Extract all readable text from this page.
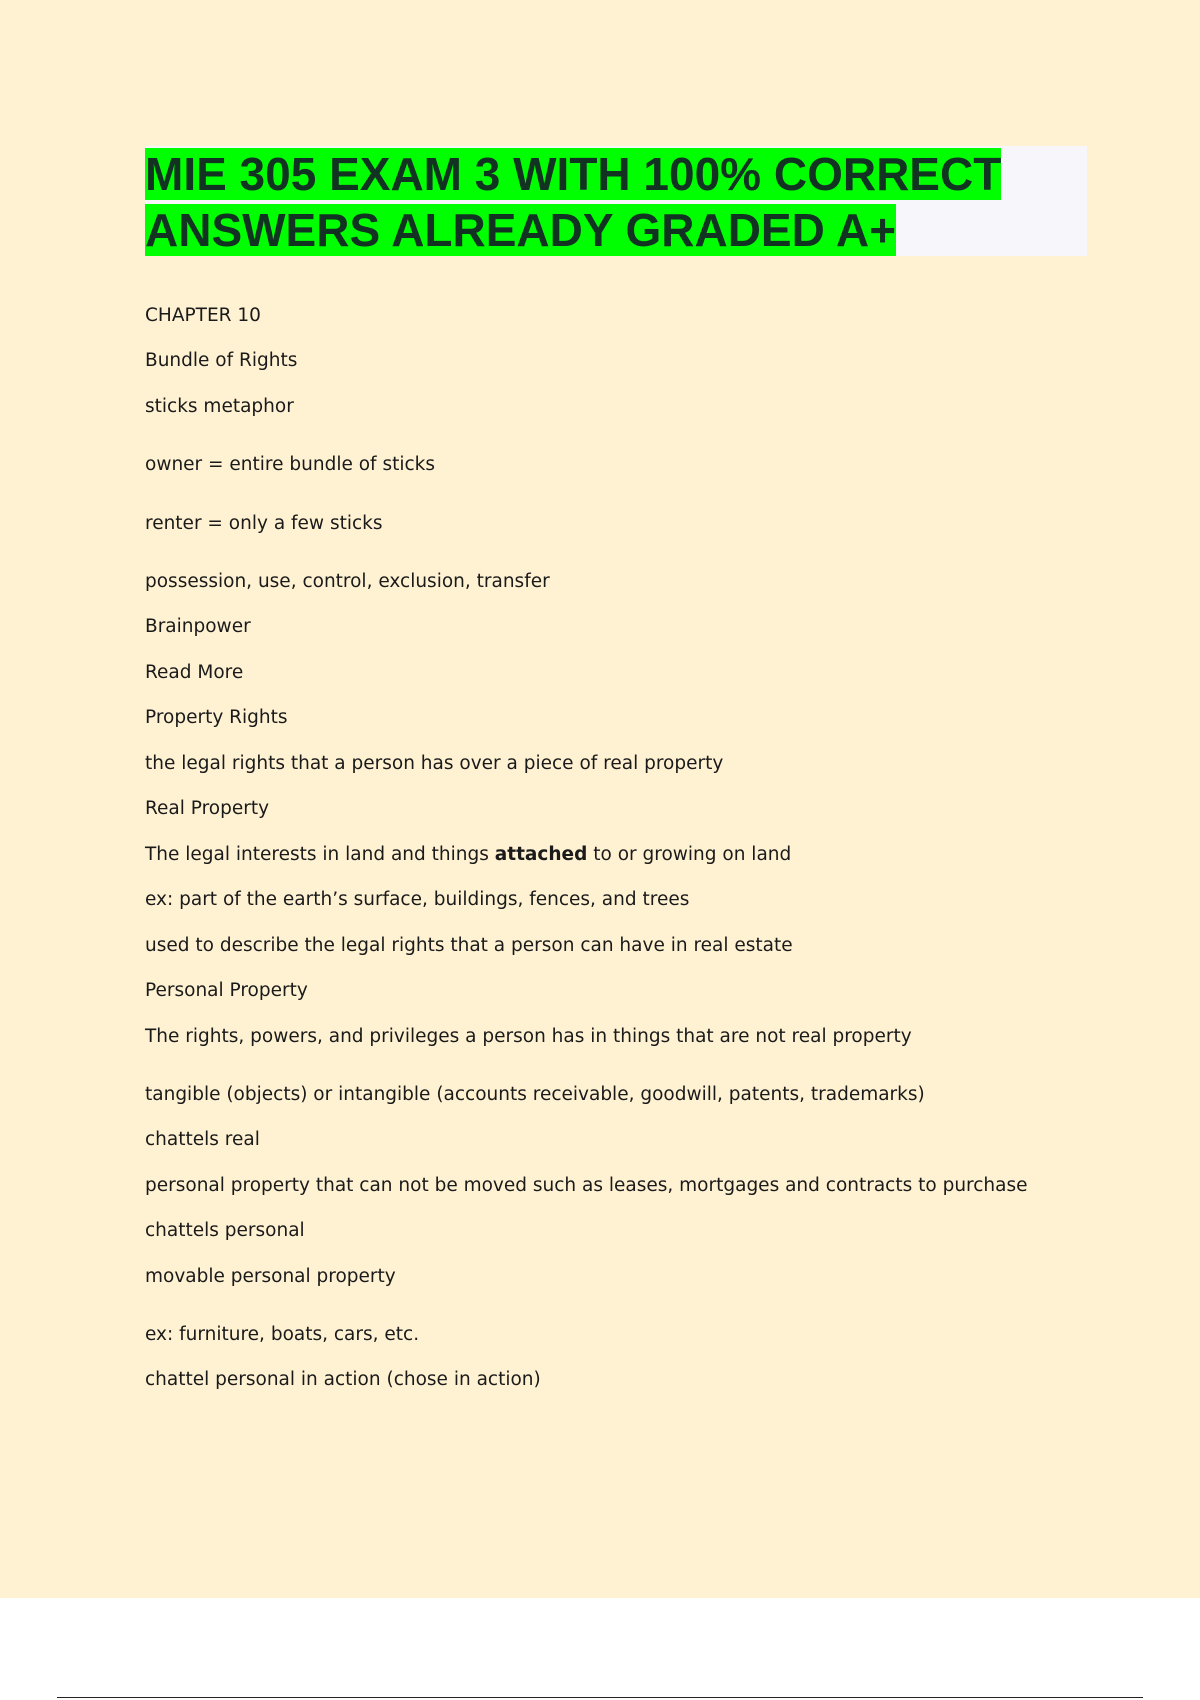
MIE 305 EXAM 3 WITH 100% CORRECT
ANSWERS ALREADY GRADED A+
CHAPTER 10
Bundle of Rights
sticks metaphor
owner = entire bundle of sticks
renter = only a few sticks
possession, use, control, exclusion, transfer
Brainpower
Read More
Property Rights
the legal rights that a person has over a piece of real property
Real Property
The legal interests in land and things attached to or growing on land
ex: part of the earth’s surface, buildings, fences, and trees
used to describe the legal rights that a person can have in real estate
Personal Property
The rights, powers, and privileges a person has in things that are not real property
tangible (objects) or intangible (accounts receivable, goodwill, patents, trademarks)
chattels real
personal property that can not be moved such as leases, mortgages and contracts to purchase
chattels personal
movable personal property
ex: furniture, boats, cars, etc.
chattel personal in action (chose in action)
